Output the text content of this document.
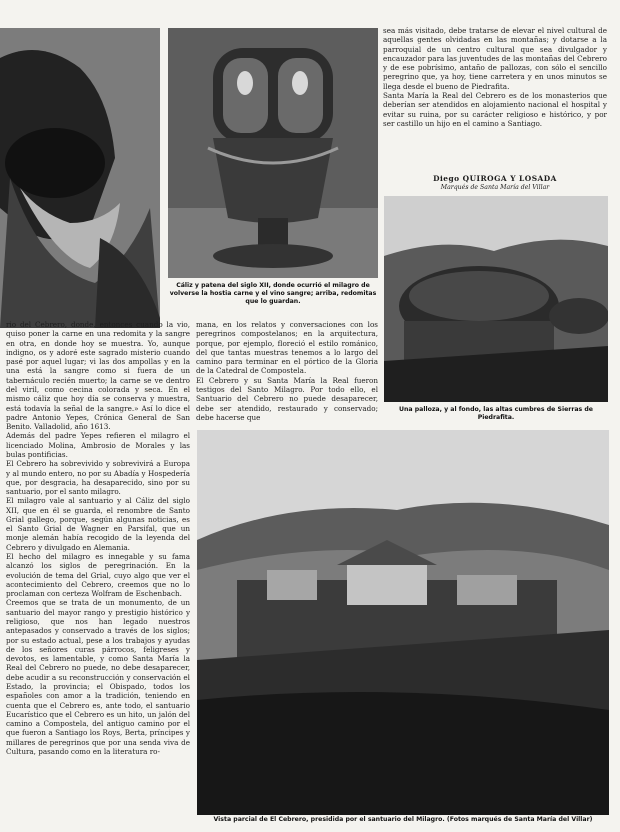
Cáliz y patena del siglo XII, donde ocurrió el milagro de volverse la hostia carne y el vino sangre; arriba, redomitas que lo guardan.
sea más visitado, debe tratarse de elevar el nivel cultural de aquellas gentes olvidadas en las montañas; y dotarse a la parroquial de un centro cultural que sea divulgador y encauzador para las juventudes de las montañas del Cebrero y de ese pobrísimo, antaño de pallozas, con sólo el sencillo peregrino que, ya hoy, tiene carretera y en unos minutos se llega desde el bueno de Piedrafita.
Santa María la Real del Cebrero es de los monasterios que deberían ser atendidos en alojamiento nacional el hospital y evitar su ruina, por su carácter religioso e histórico, y por ser castillo un hijo en el camino a Santiago.
Diego QUIROGA Y LOSADA
Marqués de Santa María del Villar
Una palloza, y al fondo, las altas cumbres de Sierras de Piedrafita.
rio del Cebrero, donde, entonces cuando la vio, quiso poner la carne en una redomita y la sangre en otra, en donde hoy se muestra. Yo, aunque indigno, os y adoré este sagrado misterio cuando pasé por aquel lugar; vi las dos ampollas y en la una está la sangre como si fuera de un tabernáculo recién muerto; la carne se ve dentro del viril, como cecina colorada y seca. En el mismo cáliz que hoy día se conserva y muestra, está todavía la señal de la sangre.» Así lo dice el padre Antonio Yepes, Crónica General de San Benito. Valladolid, año 1613.
Además del padre Yepes refieren el milagro el licenciado Molina, Ambrosio de Morales y las bulas pontificias.
El Cebrero ha sobrevivido y sobrevivirá a Europa y al mundo entero, no por su Abadía y Hospedería que, por desgracia, ha desaparecido, sino por su santuario, por el santo milagro.
El milagro vale al santuario y al Cáliz del siglo XII, que en él se guarda, el renombre de Santo Grial gallego, porque, según algunas noticias, es el Santo Grial de Wagner en Parsifal, que un monje alemán había recogido de la leyenda del Cebrero y divulgado en Alemania.
El hecho del milagro es innegable y su fama alcanzó los siglos de peregrinación. En la evolución de tema del Grial, cuyo algo que ver el acontecimiento del Cebrero, creemos que no lo proclaman con certeza Wolfram de Eschenbach.
Creemos que se trata de un monumento, de un santuario del mayor rango y prestigio histórico y religioso, que nos han legado nuestros antepasados y conservado a través de los siglos; por su estado actual, pese a los trabajos y ayudas de los señores curas párrocos, feligreses y devotos, es lamentable, y como Santa María la Real del Cebrero no puede, no debe desaparecer, debe acudir a su reconstrucción y conservación el Estado, la provincia; el Obispado, todos los españoles con amor a la tradición, teniendo en cuenta que el Cebrero es, ante todo, el santuario Eucarístico que el Cebrero es un hito, un jalón del camino a Compostela, del antiguo camino por el que fueron a Santiago los Roys, Berta, príncipes y millares de peregrinos que por una senda viva de Cultura, pasando como en la literatura ro-
mana, en los relatos y conversaciones con los peregrinos compostelanos; en la arquitectura, porque, por ejemplo, floreció el estilo románico, del que tantas muestras tenemos a lo largo del camino para terminar en el pórtico de la Gloria de la Catedral de Compostela.
El Cebrero y su Santa María la Real fueron testigos del Santo Milagro. Por todo ello, el Santuario del Cebrero no puede desaparecer, debe ser atendido, restaurado y conservado; debe hacerse que
Vista parcial de El Cebrero, presidida por el santuario del Milagro. (Fotos marqués de Santa María del Villar)
